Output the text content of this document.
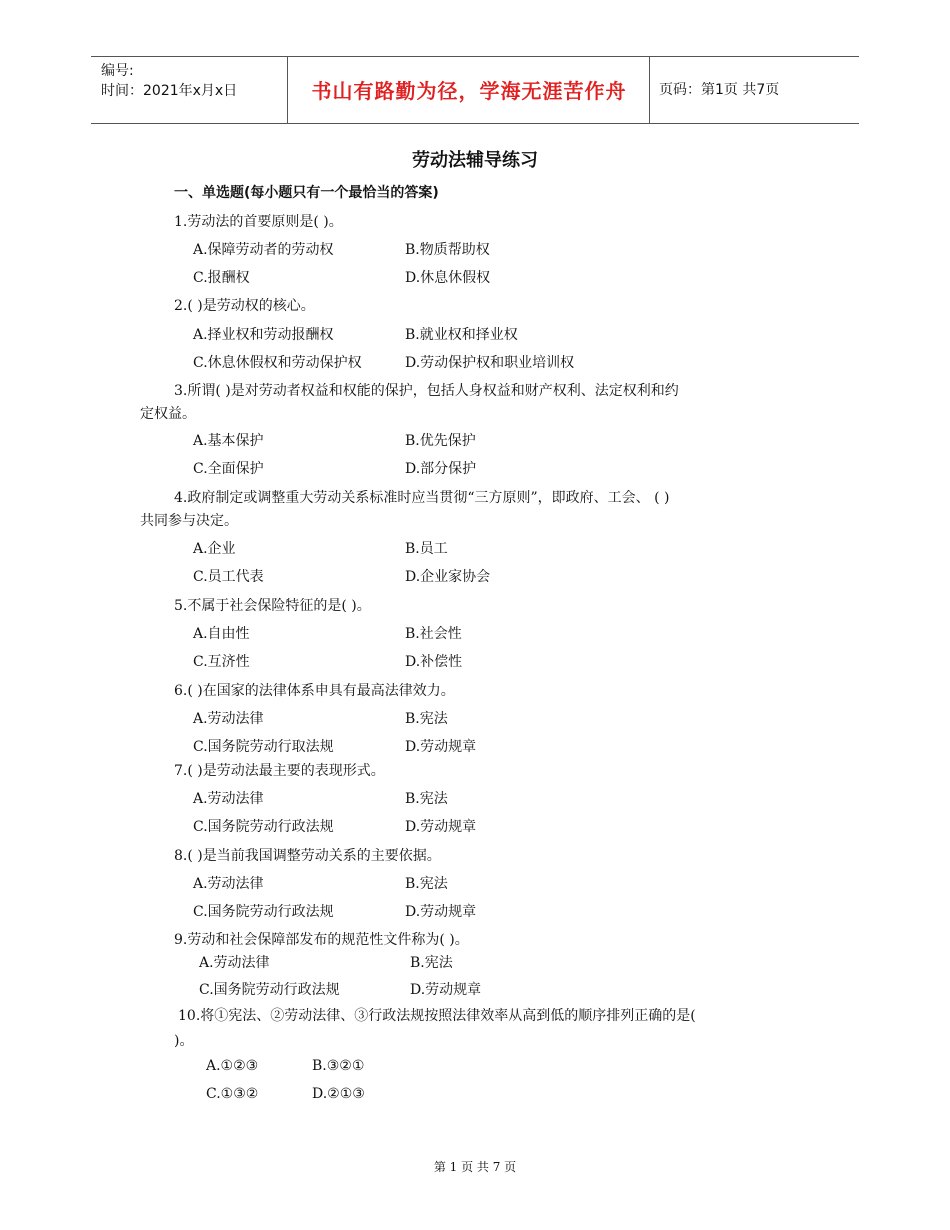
编号:
时间：2021年x月x日	书山有路勤为径，学海无涯苦作舟	页码：第1页 共7页
劳动法辅导练习
一、单选题(每小题只有一个最恰当的答案)
1.劳动法的首要原则是( )。
A.保障劳动者的劳动权	B.物质帮助权
C.报酬权	D.休息休假权
2.( )是劳动权的核心。
A.择业权和劳动报酬权	B.就业权和择业权
C.休息休假权和劳动保护权	D.劳动保护权和职业培训权
3.所谓( )是对劳动者权益和权能的保护，包括人身权益和财产权利、法定权利和约
定权益。
A.基本保护	B.优先保护
C.全面保护	D.部分保护
4.政府制定或调整重大劳动关系标准时应当贯彻“三方原则”，即政府、工会、 ( )
共同参与决定。
A.企业	B.员工
C.员工代表	D.企业家协会
5.不属于社会保险特征的是( )。
A.自由性	B.社会性
C.互济性	D.补偿性
6.( )在国家的法律体系申具有最高法律效力。
A.劳动法律	B.宪法
C.国务院劳动行取法规	D.劳动规章
7.( )是劳动法最主要的表现形式。
A.劳动法律	B.宪法
C.国务院劳动行政法规	D.劳动规章
8.( )是当前我国调整劳动关系的主要依据。
A.劳动法律	B.宪法
C.国务院劳动行政法规	D.劳动规章
9.劳动和社会保障部发布的规范性文件称为( )。
A.劳动法律	B.宪法
C.国务院劳动行政法规	D.劳动规章
10.将①宪法、②劳动法律、③行政法规按照法律效率从高到低的顺序排列正确的是(
)。
A.①②③	B.③②①
C.①③②	D.②①③
第 1 页 共 7 页
